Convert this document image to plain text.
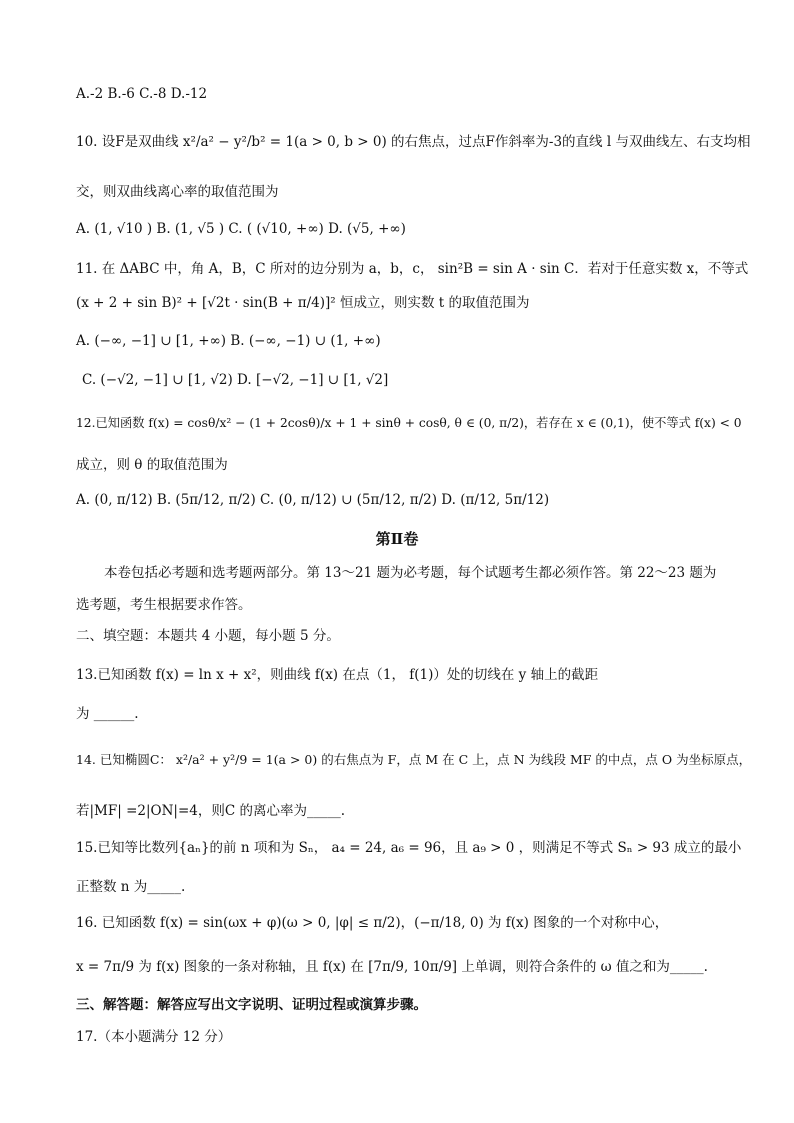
A.-2 B.-6 C.-8 D.-12
10. 设F是双曲线 x²/a² − y²/b² = 1(a > 0, b > 0) 的右焦点，过点F作斜率为-3的直线 l 与双曲线左、右支均相
交，则双曲线离心率的取值范围为
A. (1, √10 ) B. (1, √5 ) C. ( (√10, +∞) D. (√5, +∞)
11. 在 ΔABC 中，角 A，B，C 所对的边分别为 a，b，c， sin²B = sin A · sin C．若对于任意实数 x，不等式
(x + 2 + sin B)² + [√2t · sin(B + π/4)]² 恒成立，则实数 t 的取值范围为
A. (−∞, −1] ∪ [1, +∞) B. (−∞, −1) ∪ (1, +∞)
C. (−√2, −1] ∪ [1, √2) D. [−√2, −1] ∪ [1, √2]
12.已知函数 f(x) = cosθ/x² − (1 + 2cosθ)/x + 1 + sinθ + cosθ, θ ∈ (0, π/2)，若存在 x ∈ (0,1)，使不等式 f(x) < 0
成立，则 θ 的取值范围为
A. (0, π/12) B. (5π/12, π/2) C. (0, π/12) ∪ (5π/12, π/2) D. (π/12, 5π/12)
第Ⅱ卷
本卷包括必考题和选考题两部分。第 13～21 题为必考题，每个试题考生都必须作答。第 22～23 题为
选考题，考生根据要求作答。
二、填空题：本题共 4 小题，每小题 5 分。
13.已知函数 f(x) = ln x + x²，则曲线 f(x) 在点（1， f(1)）处的切线在 y 轴上的截距
为 ______.
14. 已知椭圆C： x²/a² + y²/9 = 1(a > 0) 的右焦点为 F，点 M 在 C 上，点 N 为线段 MF 的中点，点 O 为坐标原点，
若|MF| =2|ON|=4，则C 的离心率为_____.
15.已知等比数列{aₙ}的前 n 项和为 Sₙ， a₄ = 24, a₆ = 96，且 a₉ > 0 ，则满足不等式 Sₙ > 93 成立的最小
正整数 n 为_____.
16. 已知函数 f(x) = sin(ωx + φ)(ω > 0, |φ| ≤ π/2)，(−π/18, 0) 为 f(x) 图象的一个对称中心，
x = 7π/9 为 f(x) 图象的一条对称轴，且 f(x) 在 [7π/9, 10π/9] 上单调，则符合条件的 ω 值之和为_____.
三、解答题：解答应写出文字说明、证明过程或演算步骤。
17.（本小题满分 12 分）
